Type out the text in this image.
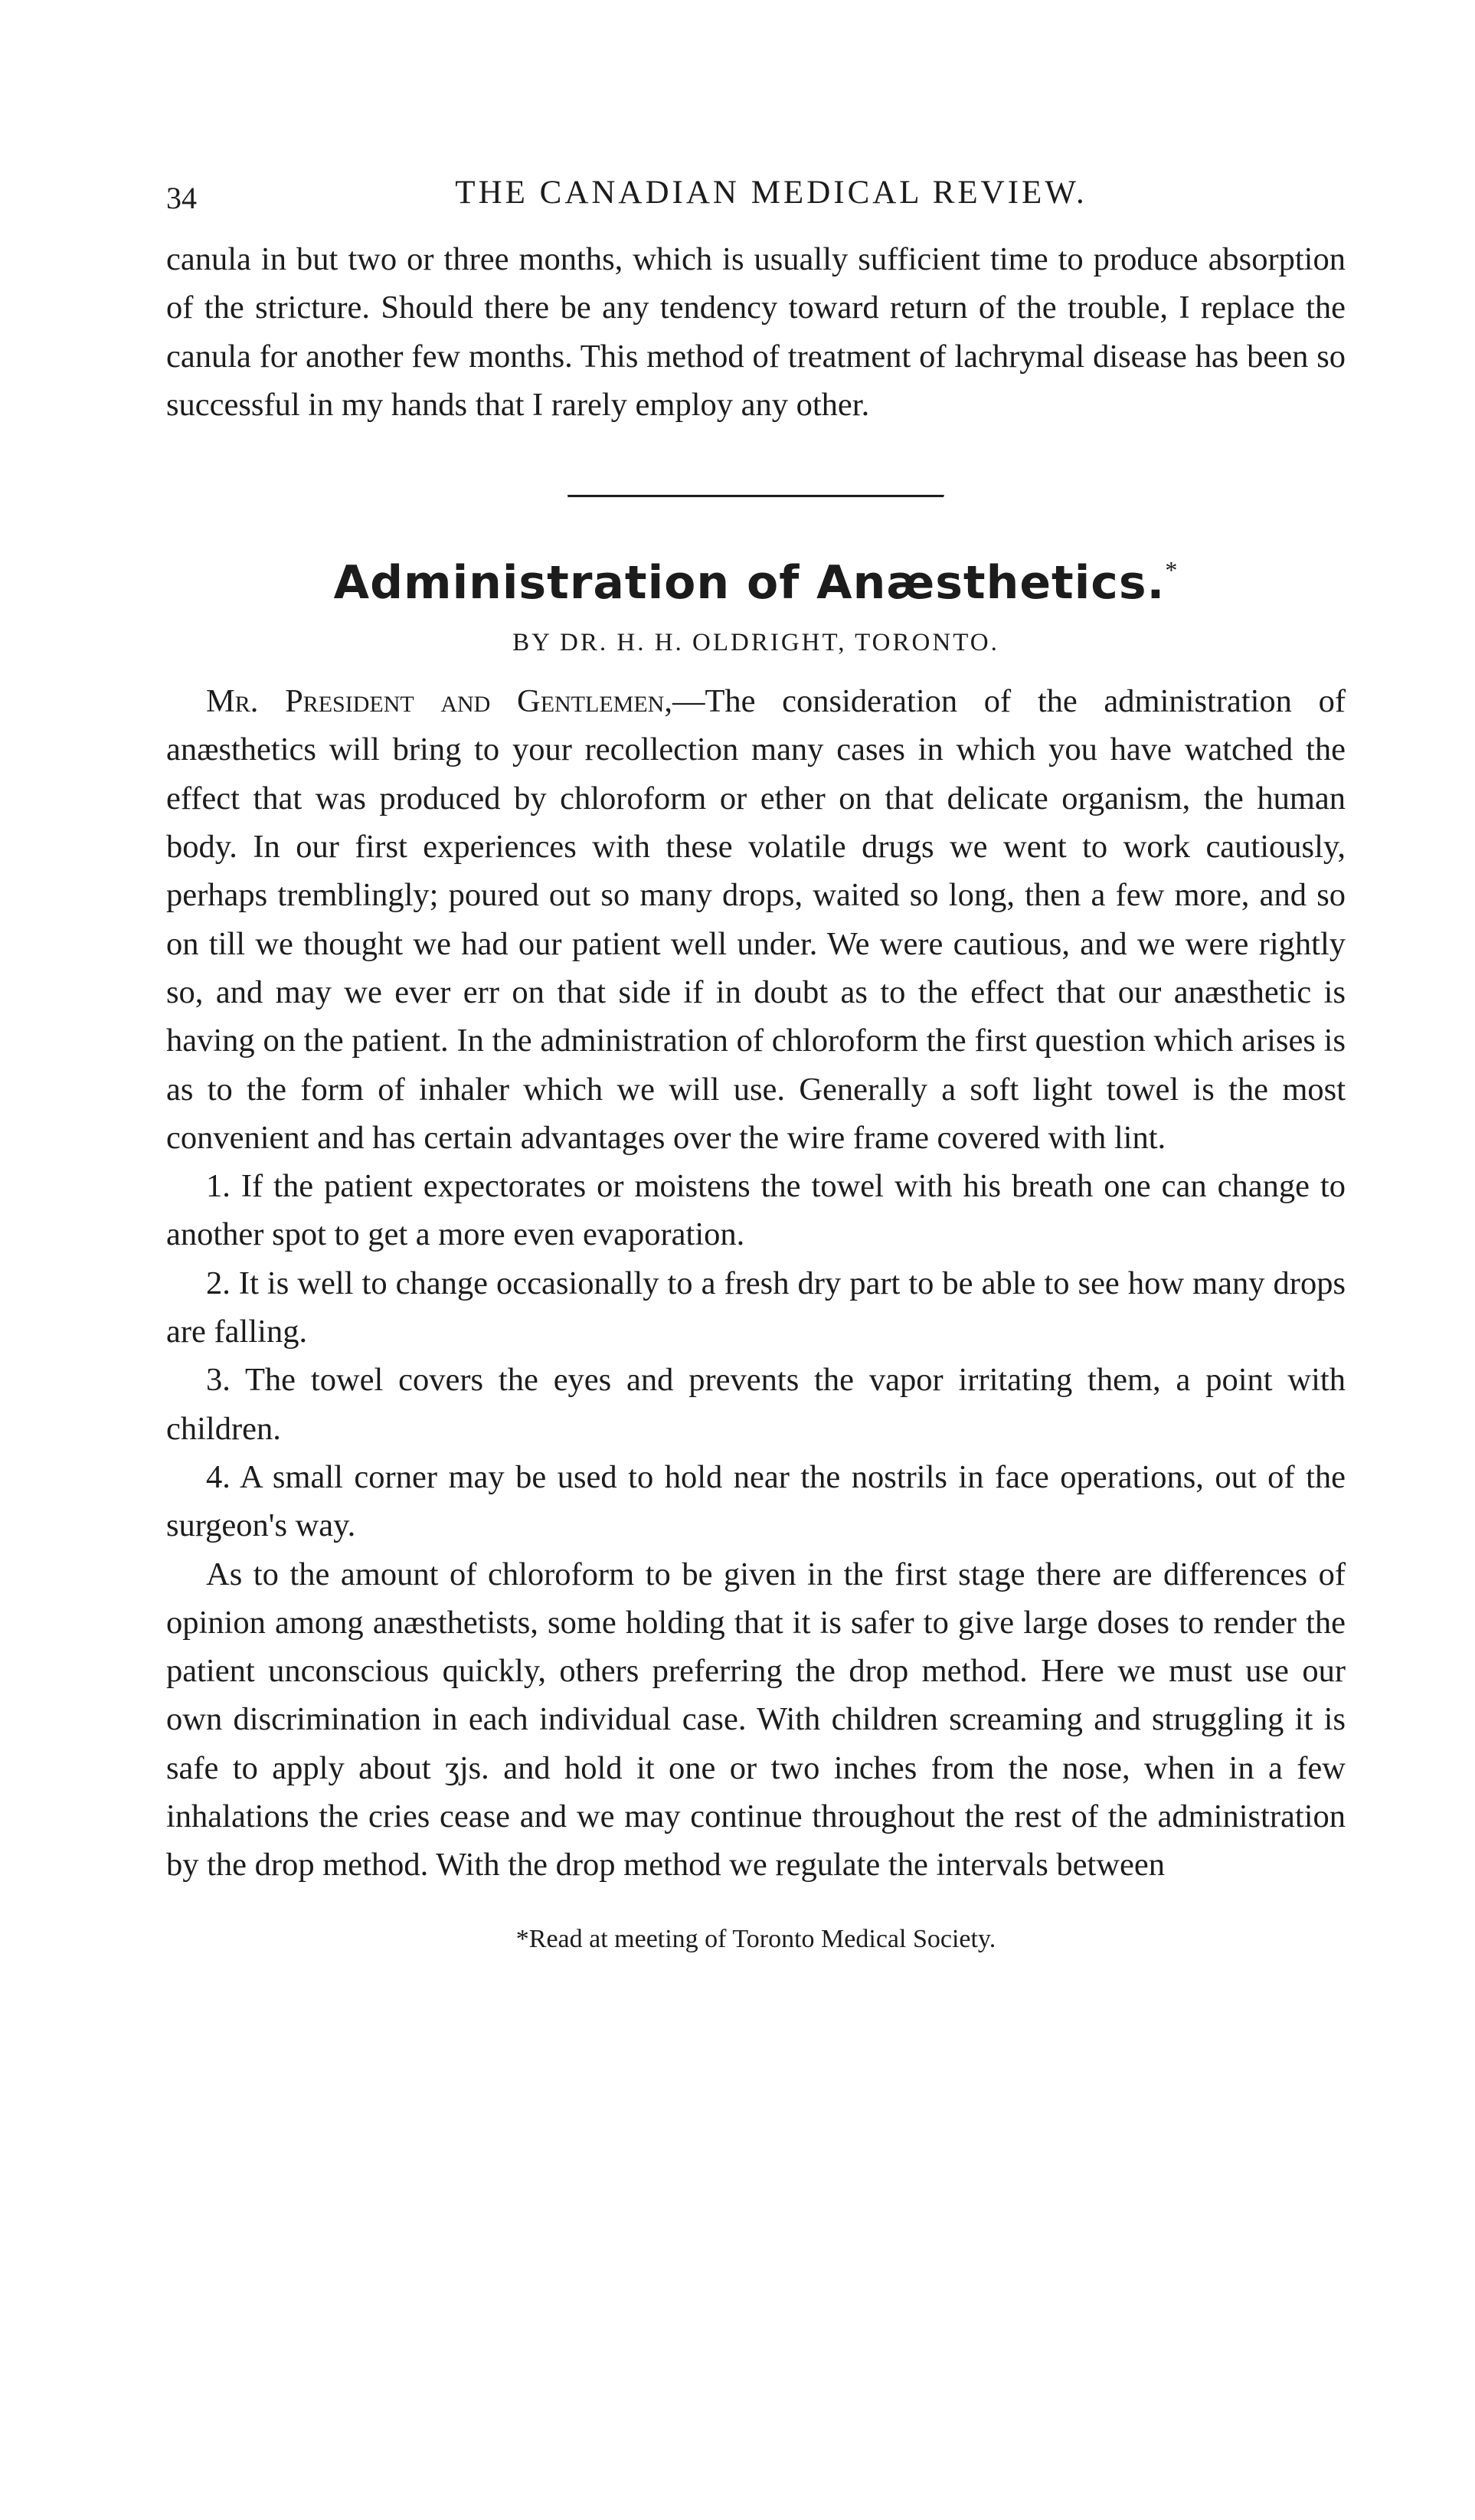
34	THE CANADIAN MEDICAL REVIEW.

canula in but two or three months, which is usually sufficient time to produce absorption of the stricture. Should there be any tendency toward return of the trouble, I replace the canula for another few months. This method of treatment of lachrymal disease has been so successful in my hands that I rarely employ any other.

Administration of Anæsthetics.*
BY DR. H. H. OLDRIGHT, TORONTO.

Mr. President and Gentlemen,—The consideration of the administration of anæsthetics will bring to your recollection many cases in which you have watched the effect that was produced by chloroform or ether on that delicate organism, the human body. In our first experiences with these volatile drugs we went to work cautiously, perhaps tremblingly; poured out so many drops, waited so long, then a few more, and so on till we thought we had our patient well under. We were cautious, and we were rightly so, and may we ever err on that side if in doubt as to the effect that our anæsthetic is having on the patient. In the administration of chloroform the first question which arises is as to the form of inhaler which we will use. Generally a soft light towel is the most convenient and has certain advantages over the wire frame covered with lint.

1. If the patient expectorates or moistens the towel with his breath one can change to another spot to get a more even evaporation.

2. It is well to change occasionally to a fresh dry part to be able to see how many drops are falling.

3. The towel covers the eyes and prevents the vapor irritating them, a point with children.

4. A small corner may be used to hold near the nostrils in face operations, out of the surgeon's way.

As to the amount of chloroform to be given in the first stage there are differences of opinion among anæsthetists, some holding that it is safer to give large doses to render the patient unconscious quickly, others preferring the drop method. Here we must use our own discrimination in each individual case. With children screaming and struggling it is safe to apply about ʒjs. and hold it one or two inches from the nose, when in a few inhalations the cries cease and we may continue throughout the rest of the administration by the drop method. With the drop method we regulate the intervals between

*Read at meeting of Toronto Medical Society.
